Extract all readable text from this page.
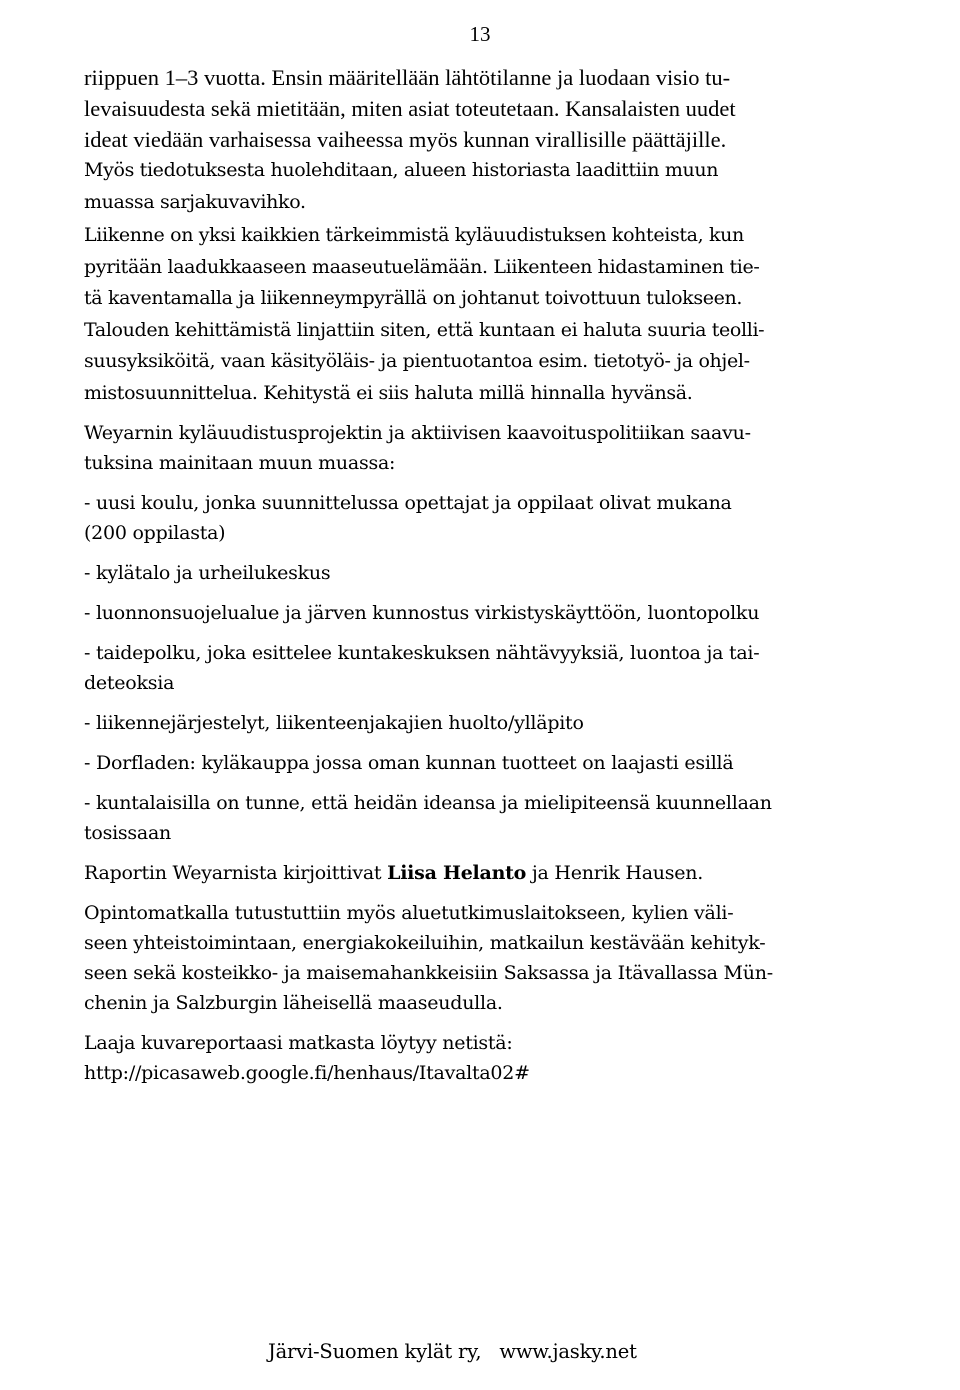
13

riippuen 1–3 vuotta. Ensin määritellään lähtötilanne ja luodaan visio tu-
levaisuudesta sekä mietitään, miten asiat toteutetaan. Kansalaisten uudet
ideat viedään varhaisessa vaiheessa myös kunnan virallisille päättäjille.

Myös tiedotuksesta huolehditaan, alueen historiasta laadittiin muun
muassa sarjakuvavihko.

Liikenne on yksi kaikkien tärkeimmistä kyläuudistuksen kohteista, kun
pyritään laadukkaaseen maaseutuelämään. Liikenteen hidastaminen tie-
tä kaventamalla ja liikenneympyrällä on johtanut toivottuun tulokseen.
Talouden kehittämistä linjattiin siten, että kuntaan ei haluta suuria teolli-
suusyksiköitä, vaan käsityöläis- ja pientuotantoa esim. tietotyö- ja ohjel-
mistosuunnittelua. Kehitystä ei siis haluta millä hinnalla hyvänsä.

Weyarnin kyläuudistusprojektin ja aktiivisen kaavoituspolitiikan saavu-
tuksina mainitaan muun muassa:

- uusi koulu, jonka suunnittelussa opettajat ja oppilaat olivat mukana
(200 oppilasta)

- kylätalo ja urheilukeskus

- luonnonsuojelualue ja järven kunnostus virkistyskäyttöön, luontopolku

- taidepolku, joka esittelee kuntakeskuksen nähtävyyksiä, luontoa ja tai-
deteoksia

- liikennejärjestelyt, liikenteenjakajien huolto/ylläpito

- Dorfladen: kyläkauppa jossa oman kunnan tuotteet on laajasti esillä

- kuntalaisilla on tunne, että heidän ideansa ja mielipiteensä kuunnellaan
tosissaan

Raportin Weyarnista kirjoittivat Liisa Helanto ja Henrik Hausen.

Opintomatkalla tutustuttiin myös aluetutkimuslaitokseen, kylien väli-
seen yhteistoimintaan, energiakokeiluihin, matkailun kestävään kehityk-
seen sekä kosteikko- ja maisemahankkeisiin Saksassa ja Itävallassa Mün-
chenin ja Salzburgin läheisellä maaseudulla.

Laaja kuvareportaasi matkasta löytyy netistä:
http://picasaweb.google.fi/henhaus/Itavalta02#

Järvi-Suomen kylät ry, www.jasky.net
